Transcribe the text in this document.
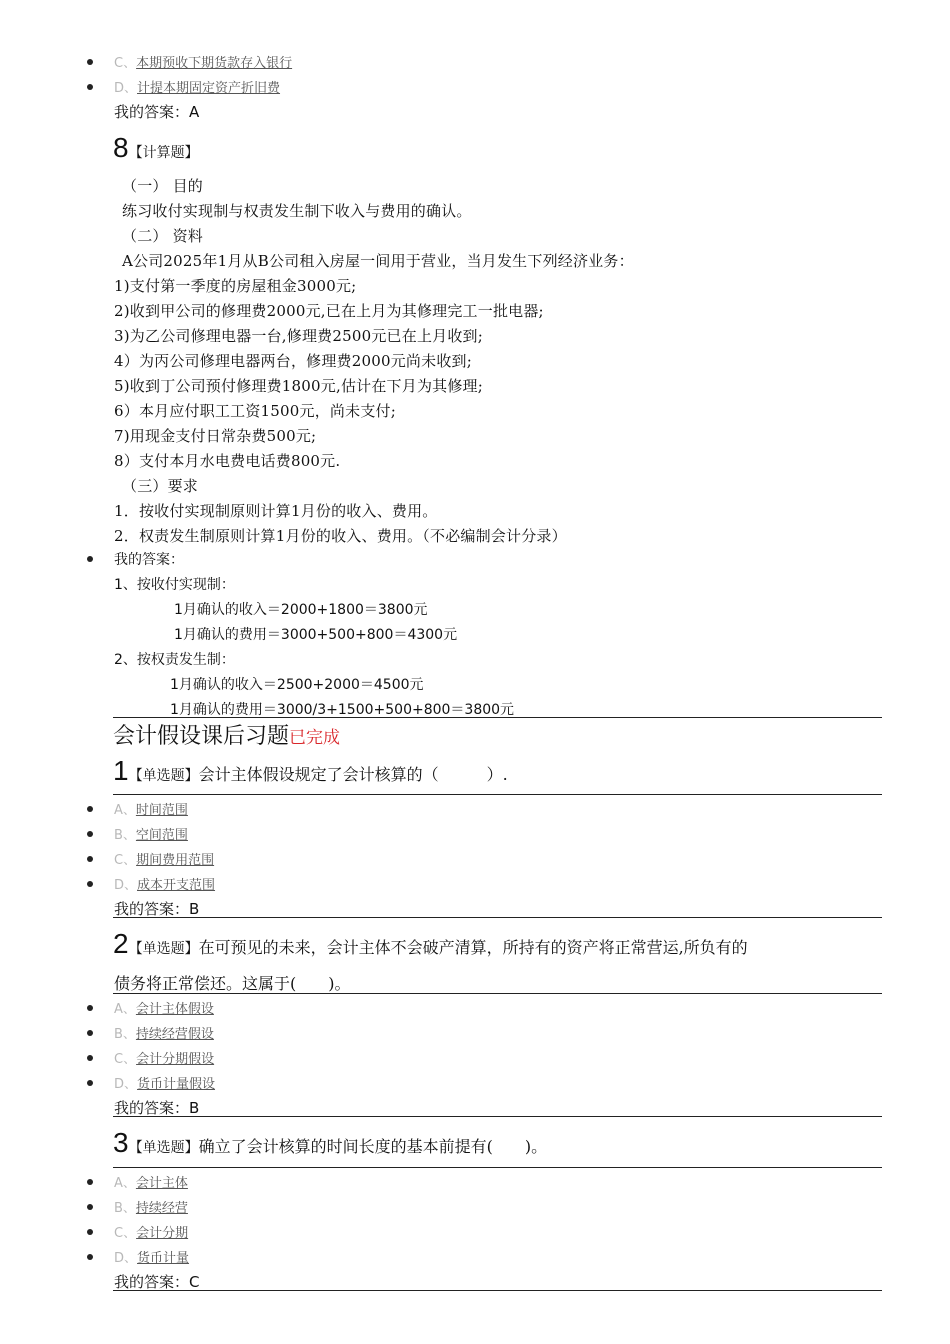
C、本期预收下期货款存入银行
D、计提本期固定资产折旧费
我的答案：A
8【计算题】
（一） 目的
练习收付实现制与权责发生制下收入与费用的确认。
（二） 资料
A公司2025年1月从B公司租入房屋一间用于营业，当月发生下列经济业务：
1)支付第一季度的房屋租金3000元;
2)收到甲公司的修理费2000元,已在上月为其修理完工一批电器;
3)为乙公司修理电器一台,修理费2500元已在上月收到;
4）为丙公司修理电器两台，修理费2000元尚未收到;
5)收到丁公司预付修理费1800元,估计在下月为其修理;
6）本月应付职工工资1500元，尚未支付;
7)用现金支付日常杂费500元;
8）支付本月水电费电话费800元.
（三）要求
1．按收付实现制原则计算1月份的收入、费用。
2．权责发生制原则计算1月份的收入、费用。（不必编制会计分录）
我的答案：
1、按收付实现制：
1月确认的收入＝2000+1800＝3800元
1月确认的费用＝3000+500+800＝4300元
2、按权责发生制：
1月确认的收入＝2500+2000＝4500元
1月确认的费用＝3000/3+1500+500+800＝3800元
会计假设课后习题已完成
1【单选题】会计主体假设规定了会计核算的（　　　）.
A、时间范围
B、空间范围
C、期间费用范围
D、成本开支范围
我的答案：B
2【单选题】在可预见的未来，会计主体不会破产清算，所持有的资产将正常营运,所负有的
债务将正常偿还。这属于(　　)。
A、会计主体假设
B、持续经营假设
C、会计分期假设
D、货币计量假设
我的答案：B
3【单选题】确立了会计核算的时间长度的基本前提有(　　)。
A、会计主体
B、持续经营
C、会计分期
D、货币计量
我的答案：C
